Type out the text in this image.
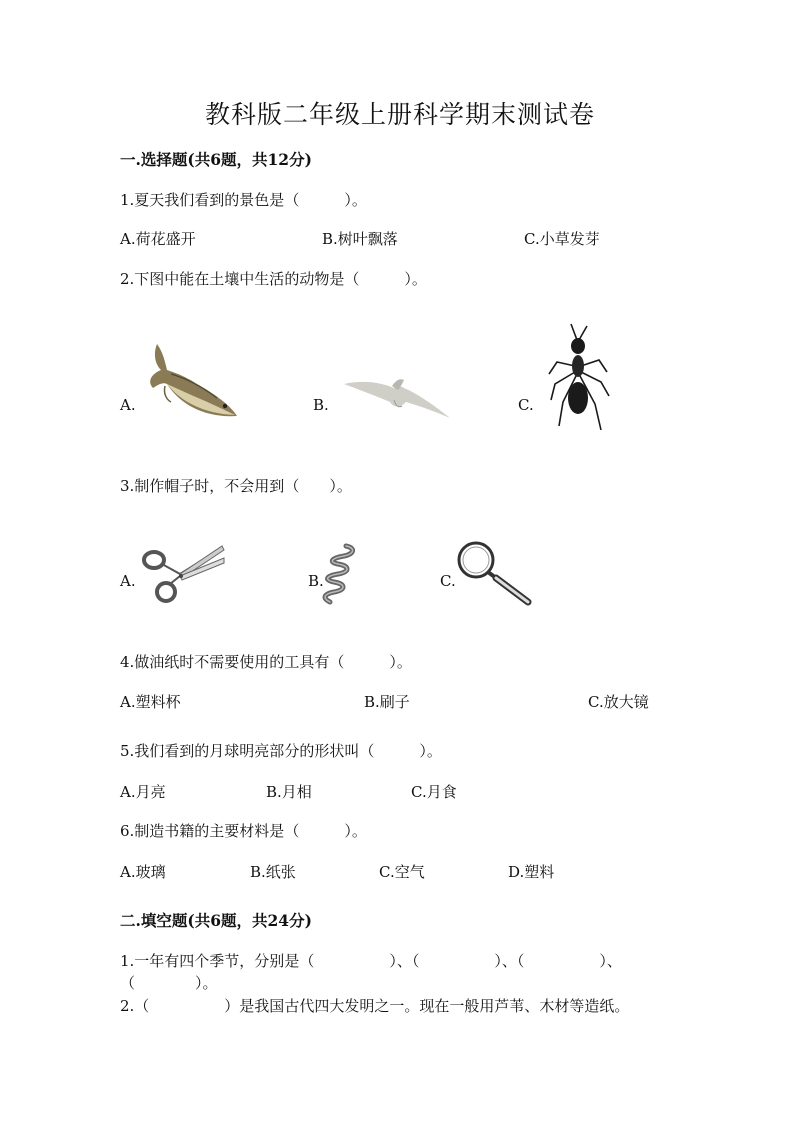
教科版二年级上册科学期末测试卷
一.选择题(共6题，共12分)
1.夏天我们看到的景色是（　　　）。
A.荷花盛开	B.树叶飘落	C.小草发芽
2.下图中能在土壤中生活的动物是（　　　）。
A.	B.	C.
3.制作帽子时，不会用到（　　）。
A.	B.	C.
4.做油纸时不需要使用的工具有（　　　）。
A.塑料杯	B.刷子	C.放大镜
5.我们看到的月球明亮部分的形状叫（　　　）。
A.月亮	B.月相	C.月食
6.制造书籍的主要材料是（　　　）。
A.玻璃	B.纸张	C.空气	D.塑料
二.填空题(共6题，共24分)
1.一年有四个季节，分别是（　　　　　）、（　　　　　）、（　　　　　）、
（　　　　）。
2.（　　　　　）是我国古代四大发明之一。现在一般用芦苇、木材等造纸。
